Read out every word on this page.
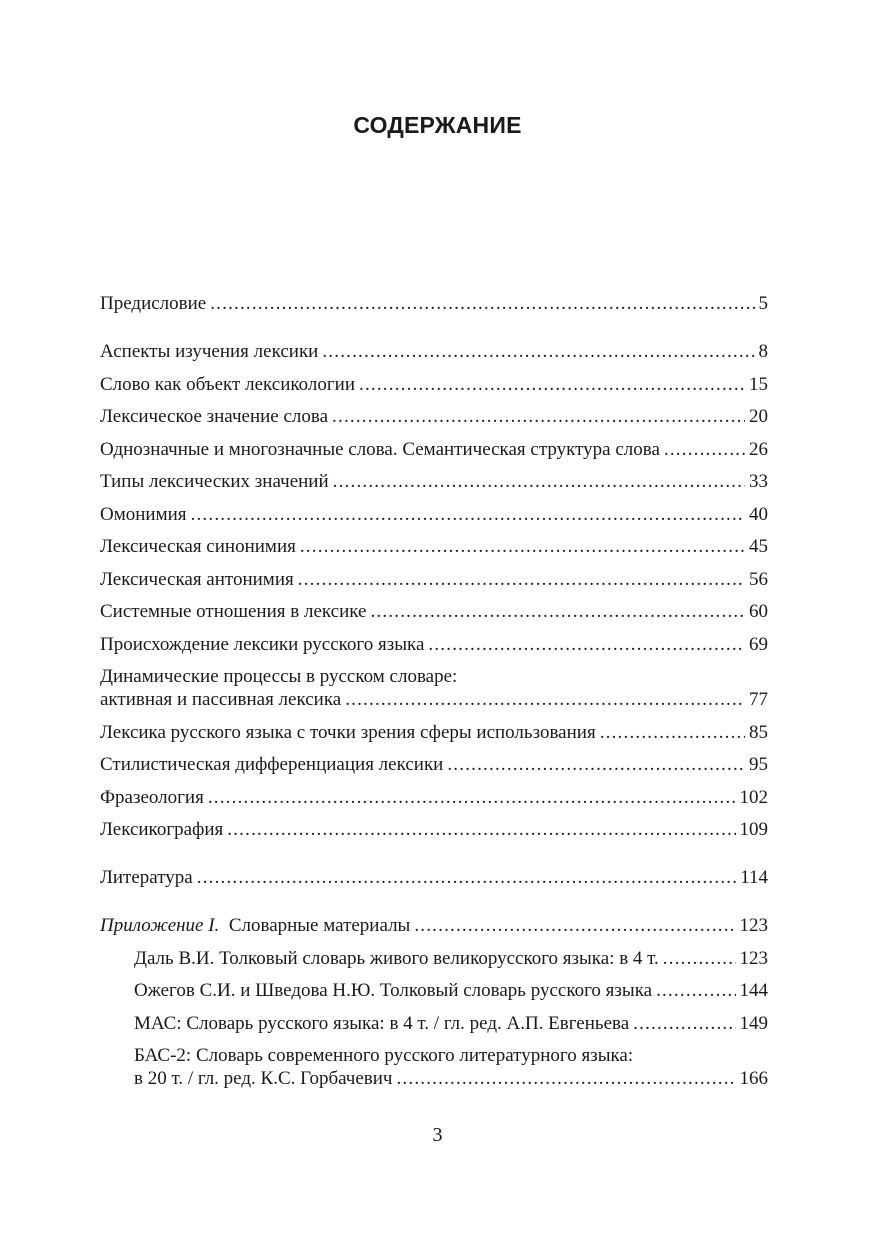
СОДЕРЖАНИЕ
Предисловие .....	5
Аспекты изучения лексики .....	8
Слово как объект лексикологии .....	15
Лексическое значение слова .....	20
Однозначные и многозначные слова. Семантическая структура слова .....	26
Типы лексических значений .....	33
Омонимия .....	40
Лексическая синонимия .....	45
Лексическая антонимия .....	56
Системные отношения в лексике .....	60
Происхождение лексики русского языка .....	69
Динамические процессы в русском словаре:
активная и пассивная лексика .....	77
Лексика русского языка с точки зрения сферы использования .....	85
Стилистическая дифференциация лексики .....	95
Фразеология .....	102
Лексикография .....	109
Литература .....	114
Приложение I. Словарные материалы .....	123
Даль В.И. Толковый словарь живого великорусского языка: в 4 т. .....	123
Ожегов С.И. и Шведова Н.Ю. Толковый словарь русского языка .....	144
МАС: Словарь русского языка: в 4 т. / гл. ред. А.П. Евгеньева .....	149
БАС-2: Словарь современного русского литературного языка:
в 20 т. / гл. ред. К.С. Горбачевич .....	166
3
